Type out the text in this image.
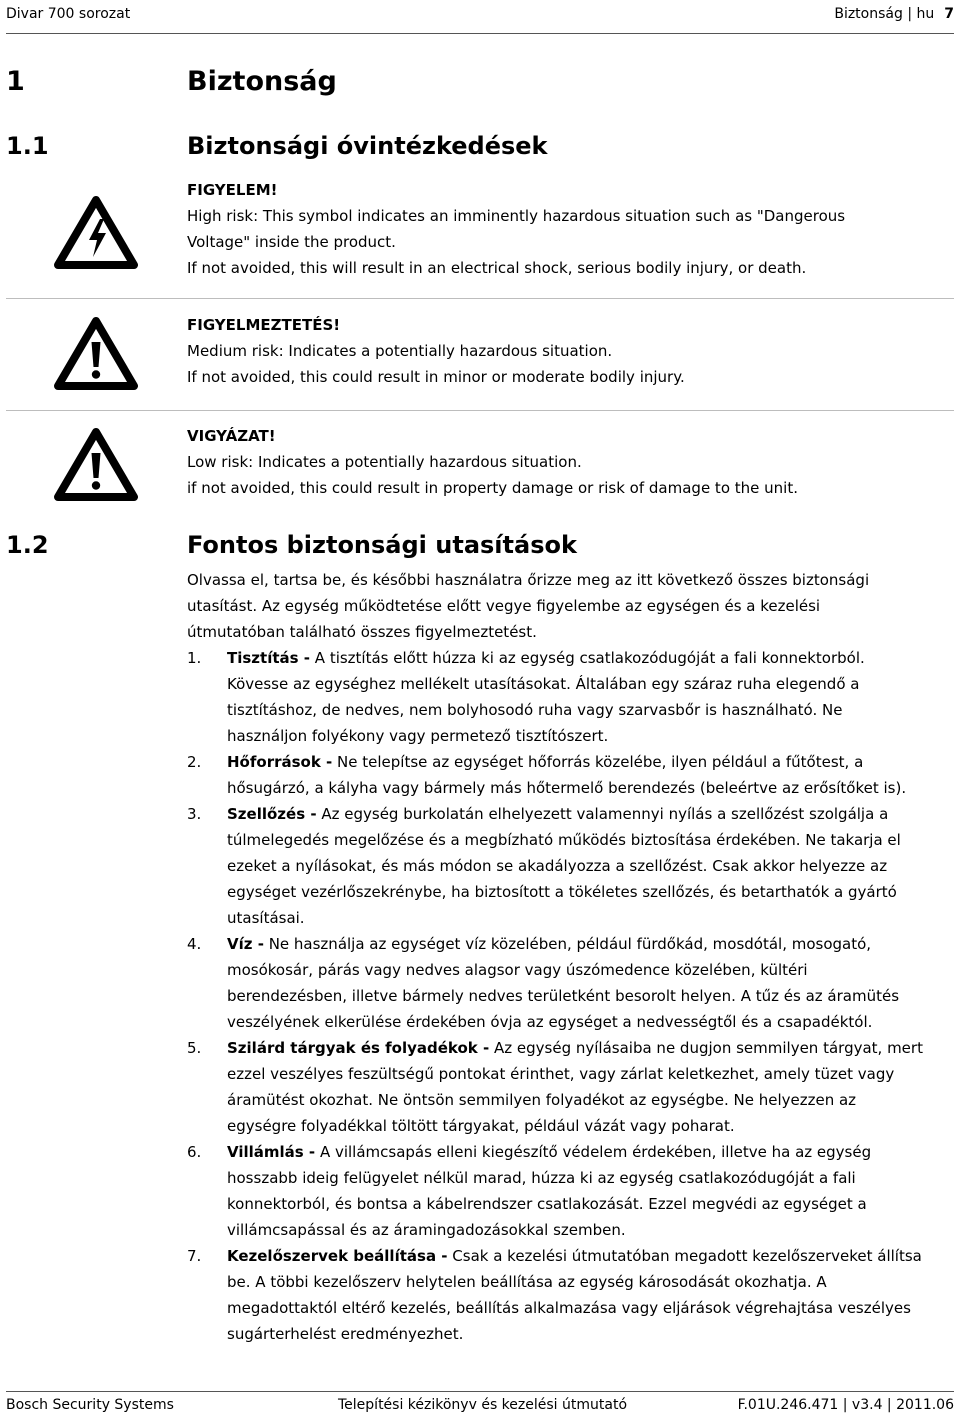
Divar 700 sorozat	Biztonság | hu 7
1	Biztonság
1.1	Biztonsági óvintézkedések
FIGYELEM!
High risk: This symbol indicates an imminently hazardous situation such as "Dangerous
Voltage" inside the product.
If not avoided, this will result in an electrical shock, serious bodily injury, or death.
FIGYELMEZTETÉS!
Medium risk: Indicates a potentially hazardous situation.
If not avoided, this could result in minor or moderate bodily injury.
VIGYÁZAT!
Low risk: Indicates a potentially hazardous situation.
if not avoided, this could result in property damage or risk of damage to the unit.
1.2	Fontos biztonsági utasítások
Olvassa el, tartsa be, és későbbi használatra őrizze meg az itt következő összes biztonsági
utasítást. Az egység működtetése előtt vegye figyelembe az egységen és a kezelési
útmutatóban található összes figyelmeztetést.
1. Tisztítás - A tisztítás előtt húzza ki az egység csatlakozódugóját a fali konnektorból.
Kövesse az egységhez mellékelt utasításokat. Általában egy száraz ruha elegendő a
tisztításhoz, de nedves, nem bolyhosodó ruha vagy szarvasbőr is használható. Ne
használjon folyékony vagy permetező tisztítószert.
2. Hőforrások - Ne telepítse az egységet hőforrás közelébe, ilyen például a fűtőtest, a
hősugárzó, a kályha vagy bármely más hőtermelő berendezés (beleértve az erősítőket is).
3. Szellőzés - Az egység burkolatán elhelyezett valamennyi nyílás a szellőzést szolgálja a
túlmelegedés megelőzése és a megbízható működés biztosítása érdekében. Ne takarja el
ezeket a nyílásokat, és más módon se akadályozza a szellőzést. Csak akkor helyezze az
egységet vezérlőszekrénybe, ha biztosított a tökéletes szellőzés, és betarthatók a gyártó
utasításai.
4. Víz - Ne használja az egységet víz közelében, például fürdőkád, mosdótál, mosogató,
mosókosár, párás vagy nedves alagsor vagy úszómedence közelében, kültéri
berendezésben, illetve bármely nedves területként besorolt helyen. A tűz és az áramütés
veszélyének elkerülése érdekében óvja az egységet a nedvességtől és a csapadéktól.
5. Szilárd tárgyak és folyadékok - Az egység nyílásaiba ne dugjon semmilyen tárgyat, mert
ezzel veszélyes feszültségű pontokat érinthet, vagy zárlat keletkezhet, amely tüzet vagy
áramütést okozhat. Ne öntsön semmilyen folyadékot az egységbe. Ne helyezzen az
egységre folyadékkal töltött tárgyakat, például vázát vagy poharat.
6. Villámlás - A villámcsapás elleni kiegészítő védelem érdekében, illetve ha az egység
hosszabb ideig felügyelet nélkül marad, húzza ki az egység csatlakozódugóját a fali
konnektorból, és bontsa a kábelrendszer csatlakozását. Ezzel megvédi az egységet a
villámcsapással és az áramingadozásokkal szemben.
7. Kezelőszervek beállítása - Csak a kezelési útmutatóban megadott kezelőszerveket állítsa
be. A többi kezelőszerv helytelen beállítása az egység károsodását okozhatja. A
megadottaktól eltérő kezelés, beállítás alkalmazása vagy eljárások végrehajtása veszélyes
sugárterhelést eredményezhet.
Bosch Security Systems	Telepítési kézikönyv és kezelési útmutató	F.01U.246.471 | v3.4 | 2011.06
